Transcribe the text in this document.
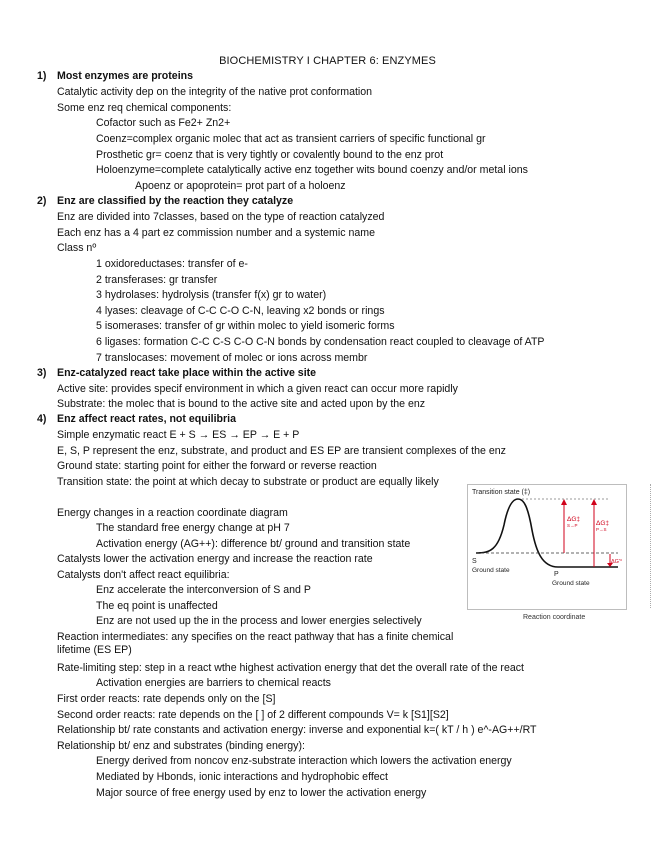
BIOCHEMISTRY I CHAPTER 6: ENZYMES
1) Most enzymes are proteins
Catalytic activity dep on the integrity of the native prot conformation
Some enz req chemical components:
Cofactor such as Fe2+ Zn2+
Coenz=complex organic molec that act as transient carriers of specific functional gr
Prosthetic gr= coenz that is very tightly or covalently bound to the enz prot
Holoenzyme=complete catalytically active enz together wits bound coenzy and/or metal ions
Apoenz or apoprotein= prot part of a holoenz
2) Enz are classified by the reaction they catalyze
Enz are divided into 7classes, based on the type of reaction catalyzed
Each enz has a 4 part ez commission number and a systemic name
Class nº
1 oxidoreductases: transfer of e-
2 transferases: gr transfer
3 hydrolases: hydrolysis (transfer f(x) gr to water)
4 lyases: cleavage of C-C C-O C-N, leaving x2 bonds or rings
5 isomerases: transfer of gr within molec to yield isomeric forms
6 ligases: formation C-C C-S C-O C-N bonds by condensation react coupled to cleavage of ATP
7 translocases: movement of molec or ions across membr
3) Enz-catalyzed react take place within the active site
Active site: provides specif environment in which a given react can occur more rapidly
Substrate: the molec that is bound to the active site and acted upon by the enz
4) Enz affect react rates, not equilibria
Simple enzymatic react E + S → ES → EP → E + P
E, S, P represent the enz, substrate, and product and ES EP are transient complexes of the enz
Ground state: starting point for either the forward or reverse reaction
Transition state: the point at which decay to substrate or product are equally likely
Energy changes in a reaction coordinate diagram
The standard free energy change at pH 7
Activation energy (AG++): difference bt/ ground and transition state
Catalysts lower the activation energy and increase the reaction rate
Catalysts don't affect react equilibria:
Enz accelerate the interconversion of S and P
The eq point is unaffected
Enz are not used up the in the process and lower energies selectively
Reaction intermediates: any specifies on the react pathway that has a finite chemical lifetime (ES EP)
Rate-limiting step: step in a react wthe highest activation energy that det the overall rate of the react
Activation energies are barriers to chemical reacts
First order reacts: rate depends only on the [S]
Second order reacts: rate depends on the [ ] of 2 different compounds V= k [S1][S2]
Relationship bt/ rate constants and activation energy: inverse and exponential k=( kT / h ) e^-AG++/RT
Relationship bt/ enz and substrates (binding energy):
Energy derived from noncov enz-substrate interaction which lowers the activation energy
Mediated by Hbonds, ionic interactions and hydrophobic effect
Major source of free energy used by enz to lower the activation energy
Transition state (‡)
ΔG‡
S→P	ΔG‡
P→S
ΔG'°
S
Ground state
P
Ground state
Reaction coordinate
